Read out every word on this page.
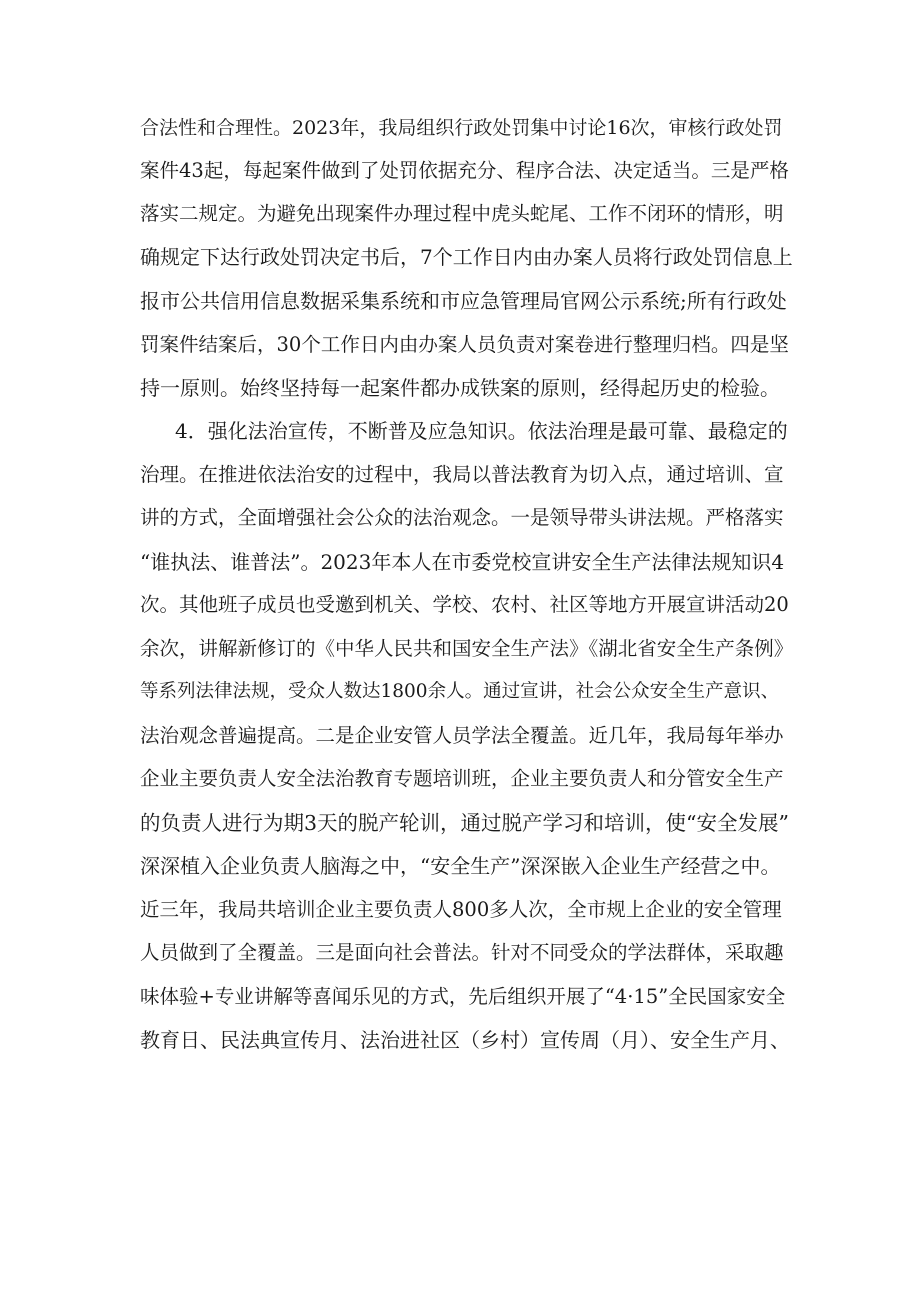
合法性和合理性。2023年，我局组织行政处罚集中讨论16次，审核行政处罚
案件43起，每起案件做到了处罚依据充分、程序合法、决定适当。三是严格
落实二规定。为避免出现案件办理过程中虎头蛇尾、工作不闭环的情形，明
确规定下达行政处罚决定书后，7个工作日内由办案人员将行政处罚信息上
报市公共信用信息数据采集系统和市应急管理局官网公示系统;所有行政处
罚案件结案后，30个工作日内由办案人员负责对案卷进行整理归档。四是坚
持一原则。始终坚持每一起案件都办成铁案的原则，经得起历史的检验。
4．强化法治宣传，不断普及应急知识。依法治理是最可靠、最稳定的
治理。在推进依法治安的过程中，我局以普法教育为切入点，通过培训、宣
讲的方式，全面增强社会公众的法治观念。一是领导带头讲法规。严格落实
“谁执法、谁普法”。2023年本人在市委党校宣讲安全生产法律法规知识4
次。其他班子成员也受邀到机关、学校、农村、社区等地方开展宣讲活动20
余次，讲解新修订的《中华人民共和国安全生产法》《湖北省安全生产条例》
等系列法律法规，受众人数达1800余人。通过宣讲，社会公众安全生产意识、
法治观念普遍提高。二是企业安管人员学法全覆盖。近几年，我局每年举办
企业主要负责人安全法治教育专题培训班，企业主要负责人和分管安全生产
的负责人进行为期3天的脱产轮训，通过脱产学习和培训，使“安全发展”
深深植入企业负责人脑海之中，“安全生产”深深嵌入企业生产经营之中。
近三年，我局共培训企业主要负责人800多人次，全市规上企业的安全管理
人员做到了全覆盖。三是面向社会普法。针对不同受众的学法群体，采取趣
味体验+专业讲解等喜闻乐见的方式，先后组织开展了“4·15”全民国家安全
教育日、民法典宣传月、法治进社区（乡村）宣传周（月）、安全生产月、
